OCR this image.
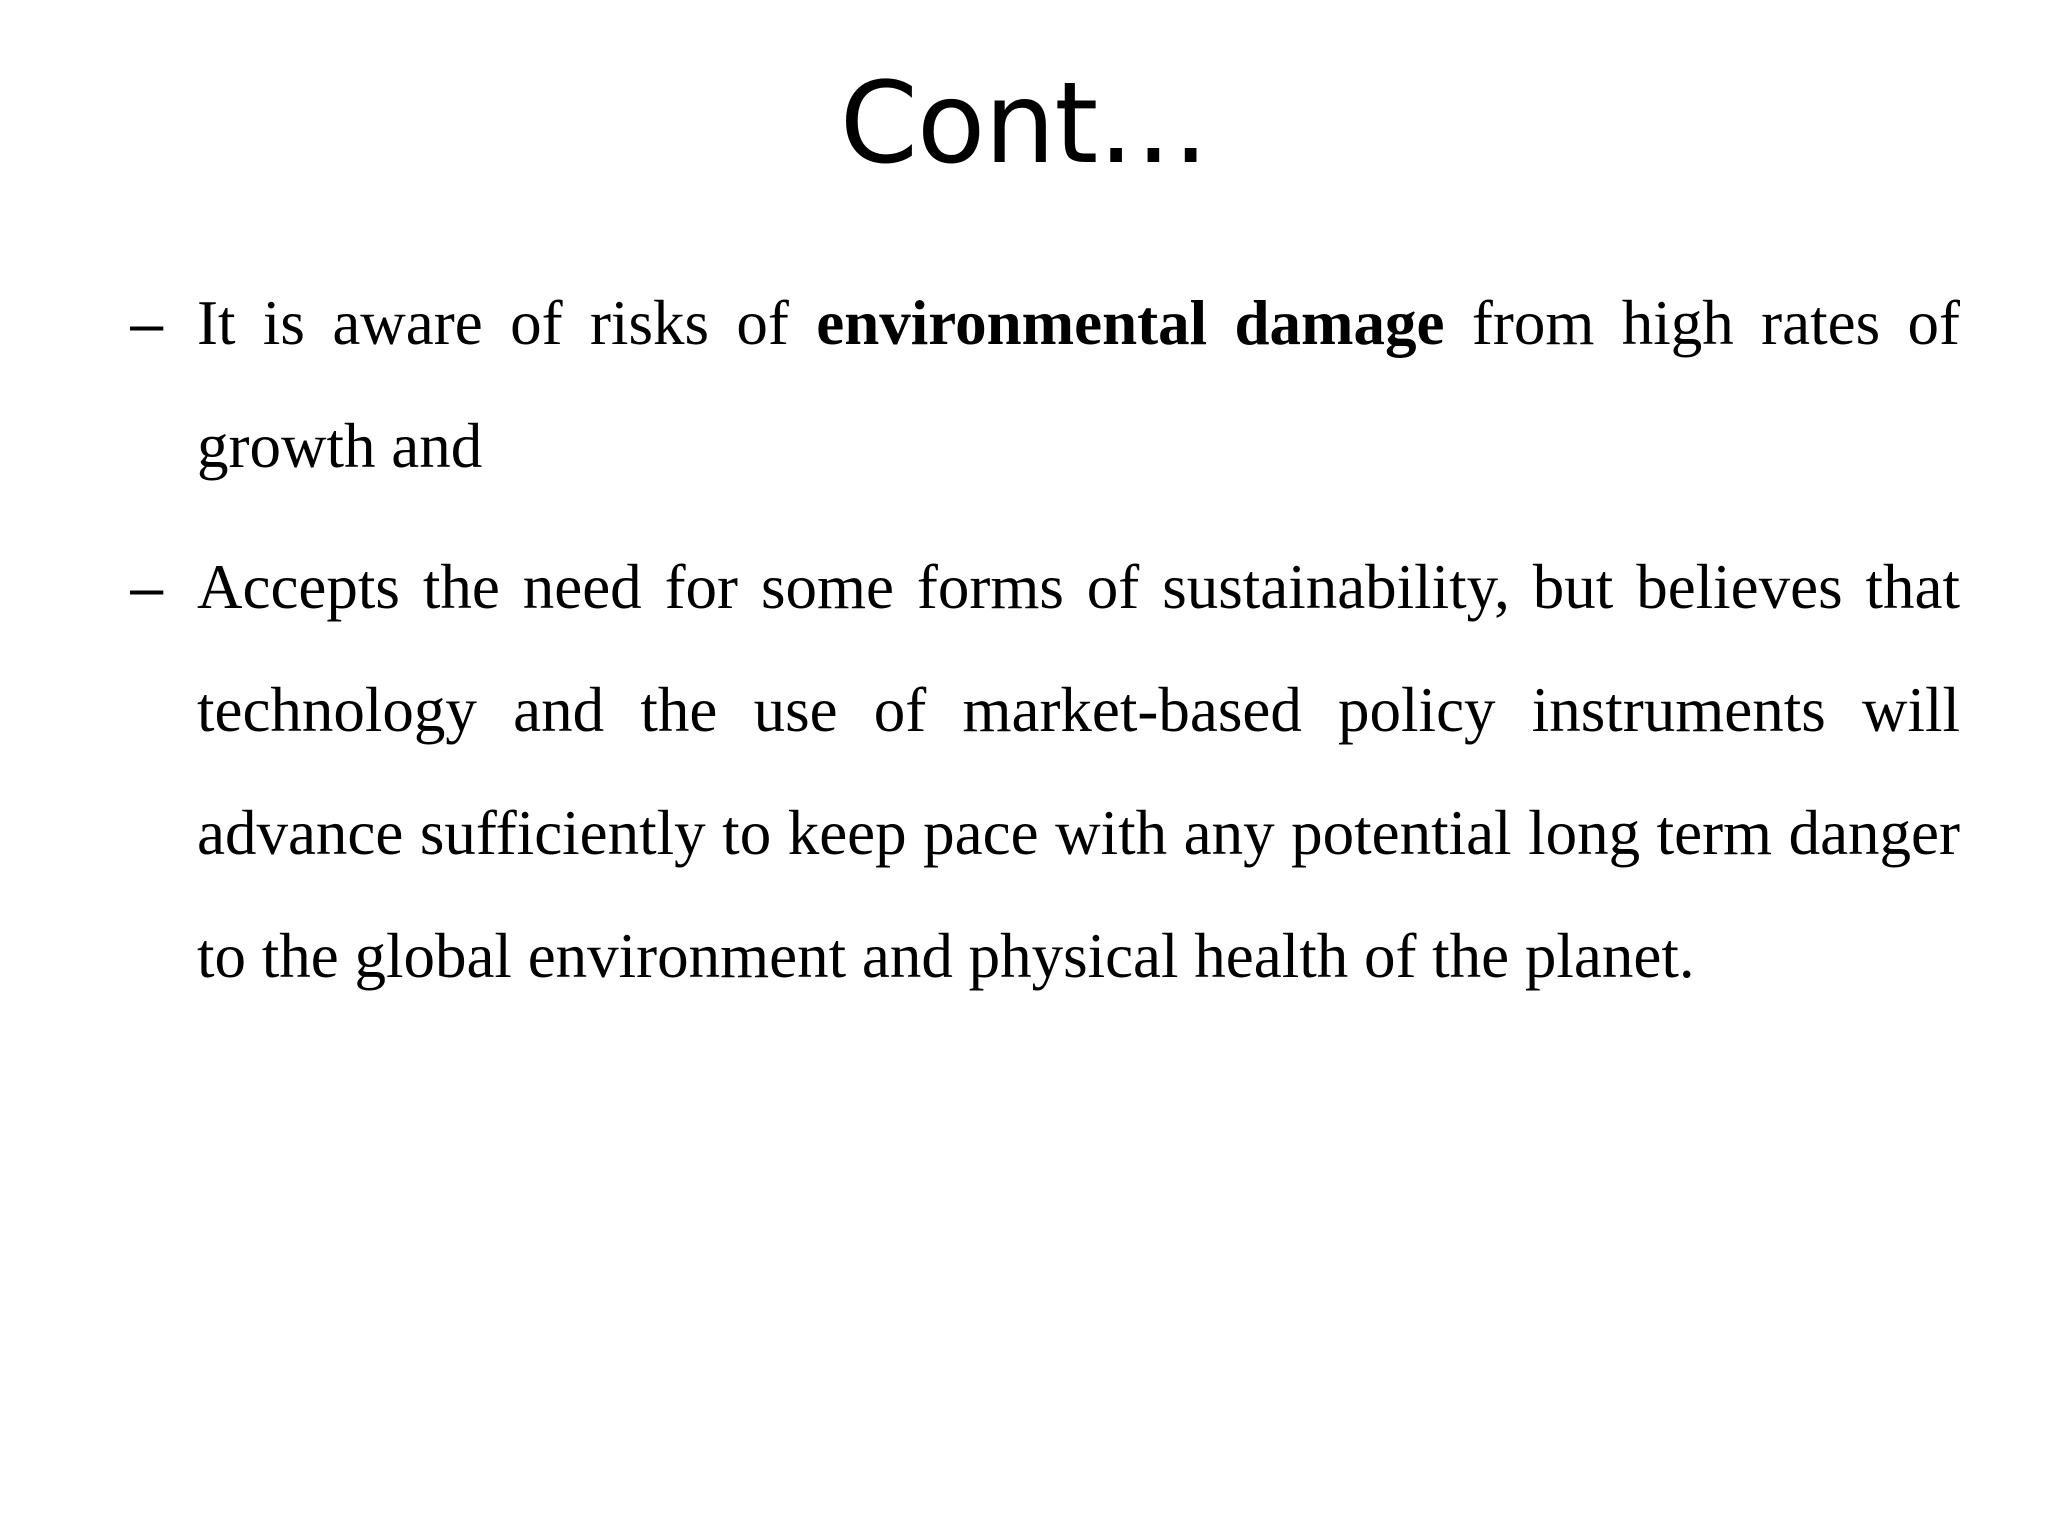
Cont…
– It is aware of risks of environmental damage from high rates of growth and
– Accepts the need for some forms of sustainability, but believes that technology and the use of market-based policy instruments will advance sufficiently to keep pace with any potential long term danger to the global environment and physical health of the planet.
